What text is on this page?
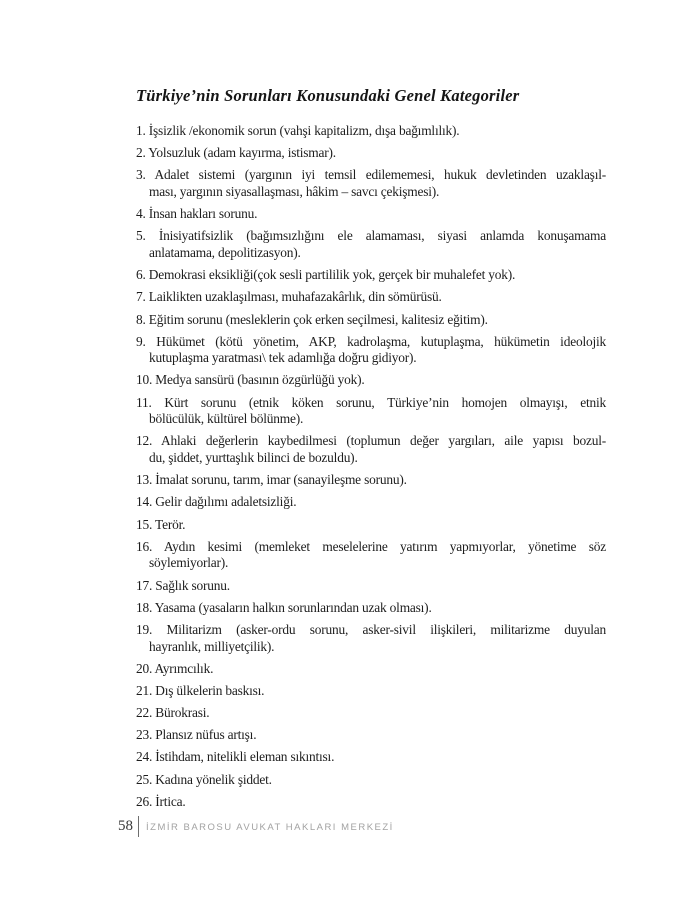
Türkiye’nin Sorunları Konusundaki Genel Kategoriler
1. İşsizlik /ekonomik sorun (vahşi kapitalizm, dışa bağımlılık).
2. Yolsuzluk (adam kayırma, istismar).
3. Adalet sistemi (yargının iyi temsil edilememesi, hukuk devletinden uzaklaşıl-
ması, yargının siyasallaşması, hâkim – savcı çekişmesi).
4. İnsan hakları sorunu.
5. İnisiyatifsizlik (bağımsızlığını ele alamaması, siyasi anlamda konuşamama
anlatamama, depolitizasyon).
6. Demokrasi eksikliği(çok sesli partililik yok, gerçek bir muhalefet yok).
7. Laiklikten uzaklaşılması, muhafazakârlık, din sömürüsü.
8. Eğitim sorunu (mesleklerin çok erken seçilmesi, kalitesiz eğitim).
9. Hükümet (kötü yönetim, AKP, kadrolaşma, kutuplaşma, hükümetin ideolojik
kutuplaşma yaratması\ tek adamlığa doğru gidiyor).
10. Medya sansürü (basının özgürlüğü yok).
11. Kürt sorunu (etnik köken sorunu, Türkiye’nin homojen olmayışı, etnik
bölücülük, kültürel bölünme).
12. Ahlaki değerlerin kaybedilmesi (toplumun değer yargıları, aile yapısı bozul-
du, şiddet, yurttaşlık bilinci de bozuldu).
13. İmalat sorunu, tarım, imar (sanayileşme sorunu).
14. Gelir dağılımı adaletsizliği.
15. Terör.
16. Aydın kesimi (memleket meselelerine yatırım yapmıyorlar, yönetime söz
söylemiyorlar).
17. Sağlık sorunu.
18. Yasama (yasaların halkın sorunlarından uzak olması).
19. Militarizm (asker-ordu sorunu, asker-sivil ilişkileri, militarizme duyulan
hayranlık, milliyetçilik).
20. Ayrımcılık.
21. Dış ülkelerin baskısı.
22. Bürokrasi.
23. Plansız nüfus artışı.
24. İstihdam, nitelikli eleman sıkıntısı.
25. Kadına yönelik şiddet.
26. İrtica.
58 İZMİR BAROSU AVUKAT HAKLARI MERKEZİ
